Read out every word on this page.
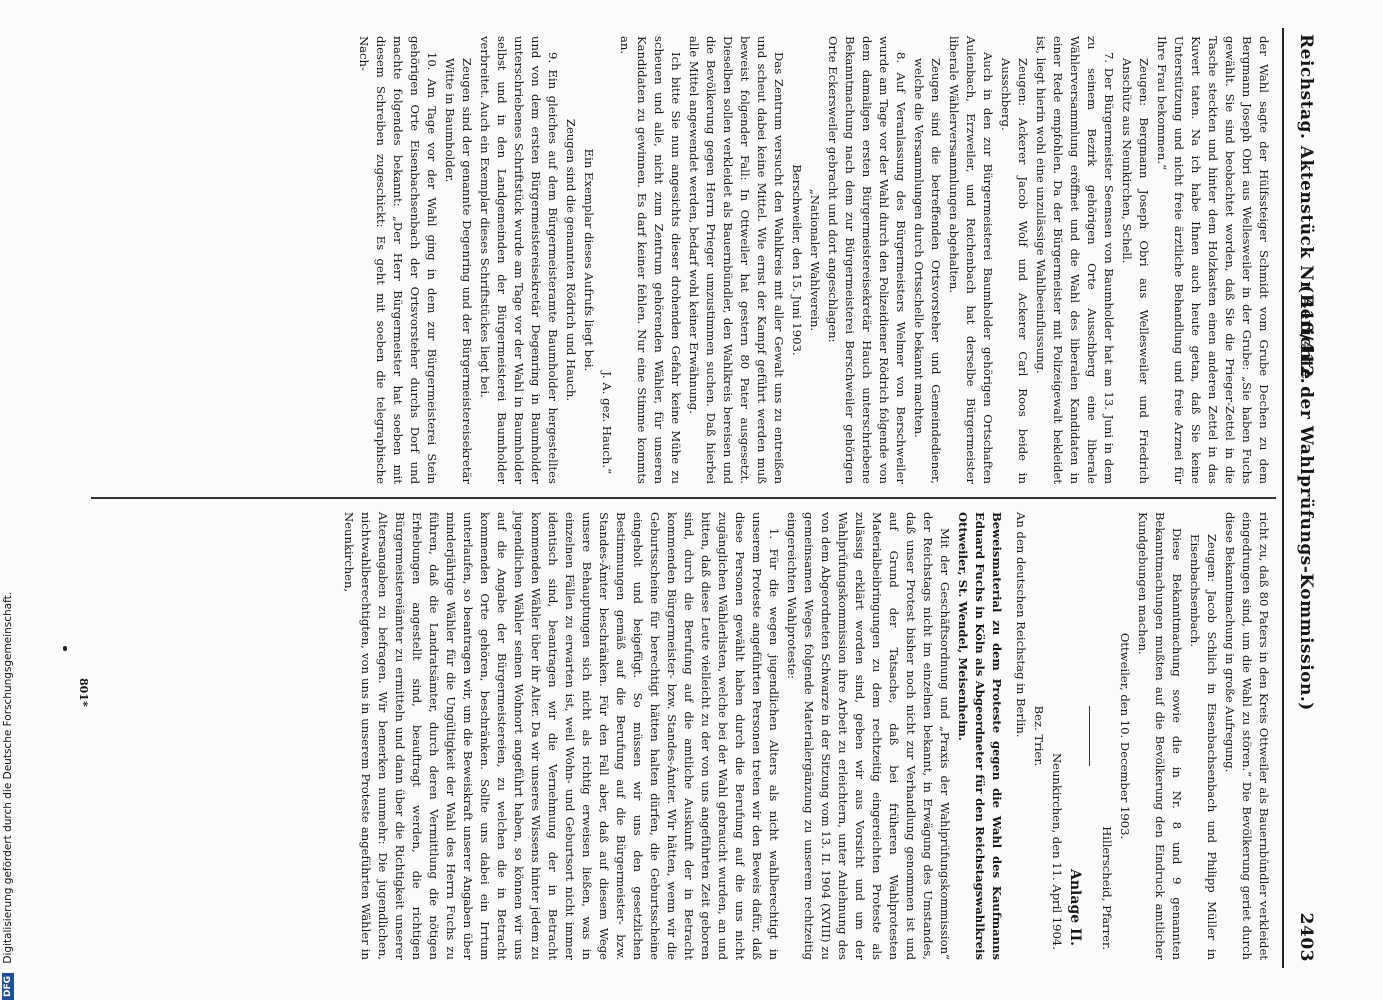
Reichstag. Aktenstück Nr 410/412.
(Berichte der Wahlprüfungs-Kommission.)
2403

der Wahl sagte der Hülfssteiger Schmidt vom Grube Dechen zu dem Bergmann Joseph Obri aus Wellesweiler in der Grube: „Sie haben Fuchs gewählt. Sie sind beobachtet worden, daß Sie die Prieger-Zettel in die Tasche steckten und hinter dem Holzkasten einen anderen Zettel in das Kuvert taten. Na ich habe Ihnen auch heute getan, daß Sie keine Unterstützung und nicht freie ärztliche Behandlung und freie Arznei für Ihre Frau bekommen.“

Zeugen: Bergmann Joseph Obri aus Wellesweiler und Friedrich Anschütz aus Neunkirchen, Schell.

7. Der Bürgermeister Seemsen von Baumholder hat am 13. Juni in dem zu seinem Bezirk gehörigen Orte Ausschberg eine liberale Wählerversammlung eröffnet und die Wahl des liberalen Kandidaten in einer Rede empfohlen. Da der Bürgermeister mit Polizeigewalt bekleidet ist, liegt hierin wohl eine unzulässige Wahlbeeinflussung.

Zeugen: Ackerer Jacob Wolf und Ackerer Carl Roos beide in Ausschberg.

Auch in den zur Bürgermeisterei Baumholder gehörigen Ortschaften Aulenbach, Erzweiler, und Reichenbach hat derselbe Bürgermeister liberale Wählerversammlungen abgehalten.

Zeugen sind die betreffenden Ortsvorsteher und Gemeindediener, welche die Versammlungen durch Ortsschelle bekannt machten.

8. Auf Veranlassung des Bürgermeisters Welmer von Berschweiler wurde am Tage vor der Wahl durch den Polizeidiener Rödrich folgende von dem damaligen ersten Bürgermeistereisekretär Hauch unterschriebene Bekanntmachung nach dem zur Bürgermeisterei Berschweiler gehörigen Orte Eckersweiler gebracht und dort angeschlagen:

„Nationaler Wahlverein.

Berschweiler, den 15. Juni 1903.

Das Zentrum versucht den Wahlkreis mit aller Gewalt uns zu entreißen und scheut dabei keine Mittel. Wie ernst der Kampf geführt werden muß beweist folgender Fall: In Ottweiler hat gestern 80 Pater ausgesetzt. Dieselben sollen verkleidet als Bauernbündler, den Wahlkreis bereisen und die Bevölkerung gegen Herrn Prieger umzustimmen suchen. Daß hierbei alle Mittel angewendet werden, bedarf wohl keiner Erwähnung.

Ich bitte Sie nun angesichts dieser drohenden Gefahr keine Mühe zu scheuen und alle, nicht zum Zentrum gehörenden Wähler, für unseren Kandidaten zu gewinnen. Es darf keiner fehlen. Nur eine Stimme kommts an.

J. A. gez. Hauch.“

Ein Exemplar dieses Aufrufs liegt bei.

Zeugen sind die genannten Rödrich und Hauch.

9. Ein gleiches auf dem Bürgermeisteramte Baumholder hergestelltes und von dem ersten Bürgermeistereisekretär Degenring in Baumholder unterschriebenes Schriftstück wurde am Tage vor der Wahl in Baumholder selbst und in den Landgemeinden der Bürgermeisterei Baumholder verbreitet. Auch ein Exemplar dieses Schriftstückes liegt bei.

Zeugen sind der genannte Degenring und der Bürgermeistereisekretär Witte in Baumholder.

10. Am Tage vor der Wahl ging in dem zur Bürgermeisterei Stein gehörigen Orte Eisenbachsenbach der Ortsvorsteher durchs Dorf und machte folgendes bekannt: „Der Herr Bürgermeister hat soeben mit diesem Schreiben zugeschickt: Es geht mit soeben die telegraphische Nach-

richt zu, daß 80 Paters in den Kreis Ottweiler als Bauernbündler verkleidet eingedrungen sind, um die Wahl zu stören.“ Die Bevölkerung geriet durch diese Bekanntmachung in große Aufregung.

Zeugen: Jacob Schlich in Eisenbachsenbach und Philipp Müller in Eisenbachsenbach.

Diese Bekanntmachung sowie die in Nr. 8 und 9 genannten Bekanntmachungen mußten auf die Bevölkerung den Eindruck amtlicher Kundgebungen machen.

Ottweiler, den 10. December 1903.

Hillerscheid, Pfarrer.

Anlage II.

Neunkirchen, den 11. April 1904.

Bez. Trier.

An den deutschen Reichstag in Berlin.

Beweismaterial zu dem Proteste gegen die Wahl des Kaufmanns Eduard Fuchs in Köln als Abgeordneter für den Reichstagswahlkreis Ottweiler, St. Wendel, Meisenheim.

Mit der Geschäftsordnung und „Praxis der Wahlprüfungskommission“ der Reichstags nicht im einzelnen bekannt, in Erwägung des Umstandes, daß unser Protest bisher noch nicht zur Verhandlung genommen ist und auf Grund der Tatsache, daß bei früheren Wahlprotesten Materialbeibringungen zu dem rechtzeitig eingereichten Proteste als zulässig erklärt worden sind, geben wir aus Vorsicht und um der Wahlprüfungskommission ihre Arbeit zu erleichtern, unter Anlehnung des von dem Abgeordneten Schwarze in der Sitzung vom 13. II. 1904 (XVIII) zu gemeinsamen Weges folgende Materialergänzung zu unserem rechtzeitig eingereichten Wahlproteste:

1. Für die wegen jugendlichen Alters als nicht wahlberechtigt in unserem Proteste angeführten Personen treten wir den Beweis dafür, daß diese Personen gewählt haben durch die Berufung auf die uns nicht zugänglichen Wählerlisten, welche bei der Wahl gebraucht wurden, an und bitten, daß diese Leute vielleicht zu der von uns angeführten Zeit geboren sind, durch die Berufung auf die amtliche Auskunft der in Betracht kommenden Bürgermeister- bzw. Standes-Ämter. Wir hätten, wenn wir die Geburtsscheine für berechtigt hätten halten dürfen, die Geburtsscheine eingeholt und beigefügt. So müssen wir uns den gesetzlichen Bestimmungen gemäß auf die Berufung auf die Bürgermeister- bzw. Standes-Ämter beschränken. Für den Fall aber, daß auf diesem Wege unsere Behauptungen sich nicht als richtig erweisen ließen, was in einzelnen Fällen zu erwarten ist, weil Wohn- und Geburtsort nicht immer identisch sind, beantragen wir die Vernehmung der in Betracht kommenden Wähler über ihr Alter. Da wir unseres Wissens hinter jedem zu jugendlichen Wähler seinen Wohnort angeführt haben, so können wir uns auf die Angabe der Bürgermeistereien, zu welchen die in Betracht kommenden Orte gehören, beschränken. Sollte uns dabei ein Irrtum unterlaufen, so beantragen wir, um die Beweiskraft unserer Angaben über minderjährige Wähler für die Ungültigkeit der Wahl des Herrn Fuchs zu führen, daß die Landratsämter, durch deren Vermittlung die nötigen Erhebungen angestellt sind, beauftragt werden, die richtigen Bürgermeistereiämter zu ermitteln und dann über die Richtigkeit unserer Altersangaben zu befragen. Wir bemerken nunmehr: Die jugendlichen, nichtwahlberechtigten, von uns in unserem Proteste angeführten Wähler in Neunkirchen,

801*
DFG Digitalisierung gefördert durch die Deutsche Forschungsgemeinschaft.
